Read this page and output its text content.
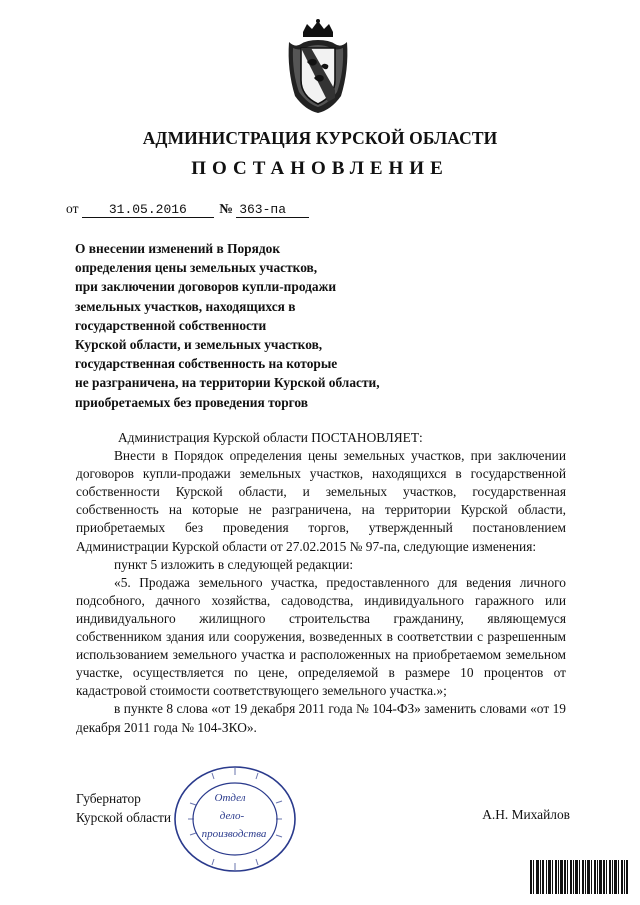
АДМИНИСТРАЦИЯ КУРСКОЙ ОБЛАСТИ
ПОСТАНОВЛЕНИЕ
от 31.05.2016 № 363-па
О внесении изменений в Порядок
определения цены земельных участков,
при заключении договоров купли-продажи
земельных участков, находящихся в
государственной собственности
Курской области, и земельных участков,
государственная собственность на которые
не разграничена, на территории Курской области,
приобретаемых без проведения торгов

Администрация Курской области ПОСТАНОВЛЯЕТ:

Внести в Порядок определения цены земельных участков, при заключении договоров купли-продажи земельных участков, находящихся в государственной собственности Курской области, и земельных участков, государственная собственность на которые не разграничена, на территории Курской области, приобретаемых без проведения торгов, утвержденный постановлением Администрации Курской области от 27.02.2015 № 97-па, следующие изменения:

пункт 5 изложить в следующей редакции:

«5. Продажа земельного участка, предоставленного для ведения личного подсобного, дачного хозяйства, садоводства, индивидуального гаражного или индивидуального жилищного строительства гражданину, являющемуся собственником здания или сооружения, возведенных в соответствии с разрешенным использованием земельного участка и расположенных на приобретаемом земельном участке, осуществляется по цене, определяемой в размере 10 процентов от кадастровой стоимости соответствующего земельного участка.»;

в пункте 8 слова «от 19 декабря 2011 года № 104-ФЗ» заменить словами «от 19 декабря 2011 года № 104-ЗКО».

Губернатор
Курской области	А.Н. Михайлов
Отдел
дело-
производства
